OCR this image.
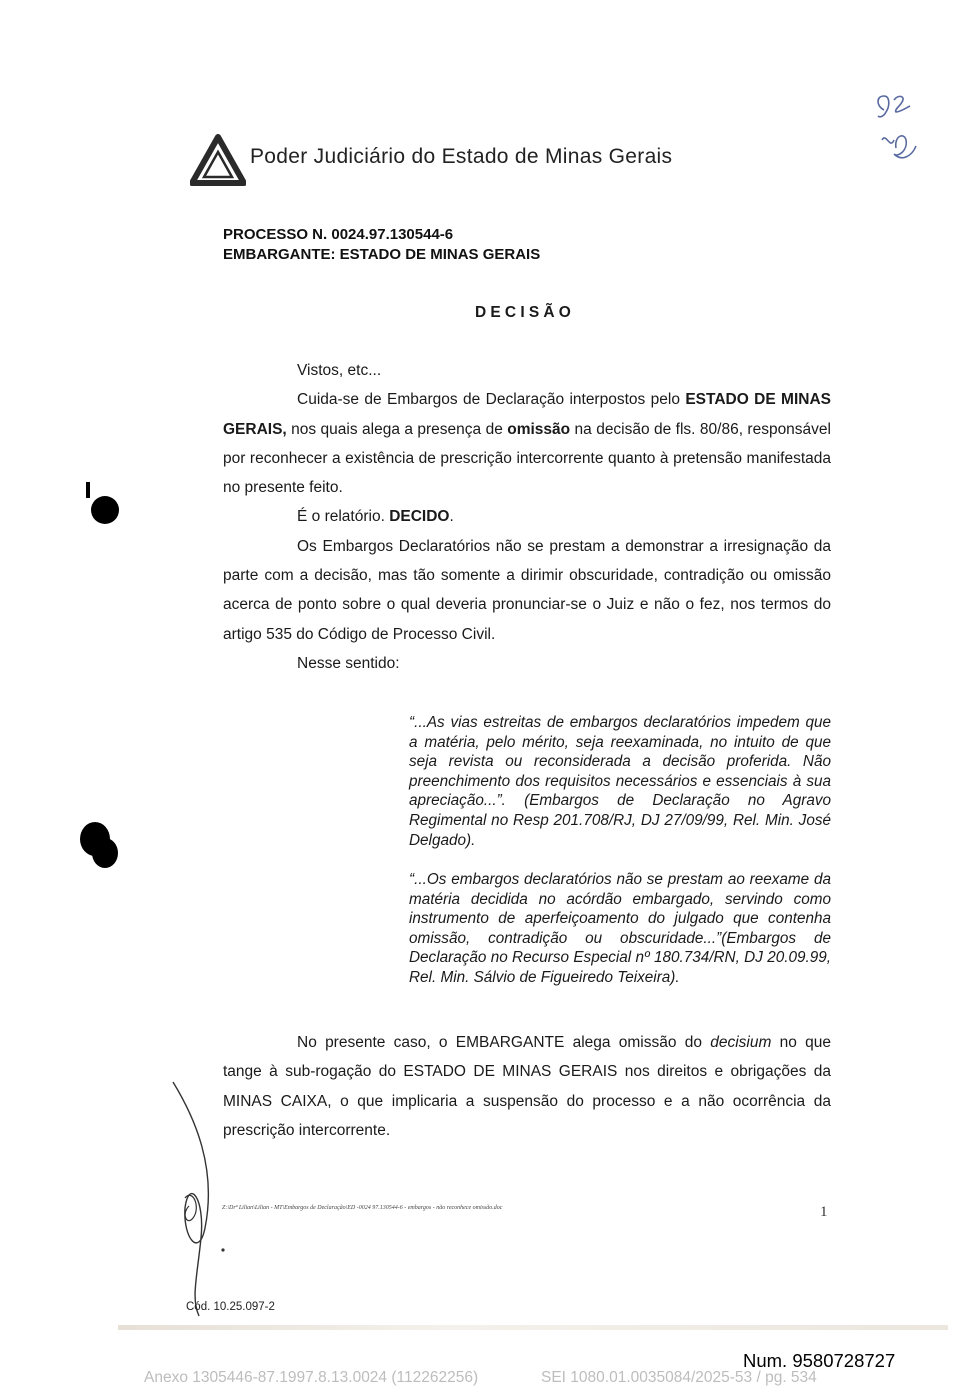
Poder Judiciário do Estado de Minas Gerais
PROCESSO N. 0024.97.130544-6
EMBARGANTE: ESTADO DE MINAS GERAIS
DECISÃO

Vistos, etc...

Cuida-se de Embargos de Declaração interpostos pelo ESTADO DE MINAS GERAIS, nos quais alega a presença de omissão na decisão de fls. 80/86, responsável por reconhecer a existência de prescrição intercorrente quanto à pretensão manifestada no presente feito.

É o relatório. DECIDO.

Os Embargos Declaratórios não se prestam a demonstrar a irresignação da parte com a decisão, mas tão somente a dirimir obscuridade, contradição ou omissão acerca de ponto sobre o qual deveria pronunciar-se o Juiz e não o fez, nos termos do artigo 535 do Código de Processo Civil.

Nesse sentido:

“...As vias estreitas de embargos declaratórios impedem que a matéria, pelo mérito, seja reexaminada, no intuito de que seja revista ou reconsiderada a decisão proferida. Não preenchimento dos requisitos necessários e essenciais à sua apreciação...”. (Embargos de Declaração no Agravo Regimental no Resp 201.708/RJ, DJ 27/09/99, Rel. Min. José Delgado).

“...Os embargos declaratórios não se prestam ao reexame da matéria decidida no acórdão embargado, servindo como instrumento de aperfeiçoamento do julgado que contenha omissão, contradição ou obscuridade...”(Embargos de Declaração no Recurso Especial nº 180.734/RN, DJ 20.09.99, Rel. Min. Sálvio de Figueiredo Teixeira).

No presente caso, o EMBARGANTE alega omissão do decisium no que tange à sub-rogação do ESTADO DE MINAS GERAIS nos direitos e obrigações da MINAS CAIXA, o que implicaria a suspensão do processo e a não ocorrência da prescrição intercorrente.

Z:\Drª Lilian\Lilian - MT\Embargos de Declaração\ED -0024 97.130544-6 - embargos - não reconhece omissão.doc	1
Cód. 10.25.097-2
Num. 9580728727
Anexo 1305446-87.1997.8.13.0024 (112262256)	SEI 1080.01.0035084/2025-53 / pg. 534
